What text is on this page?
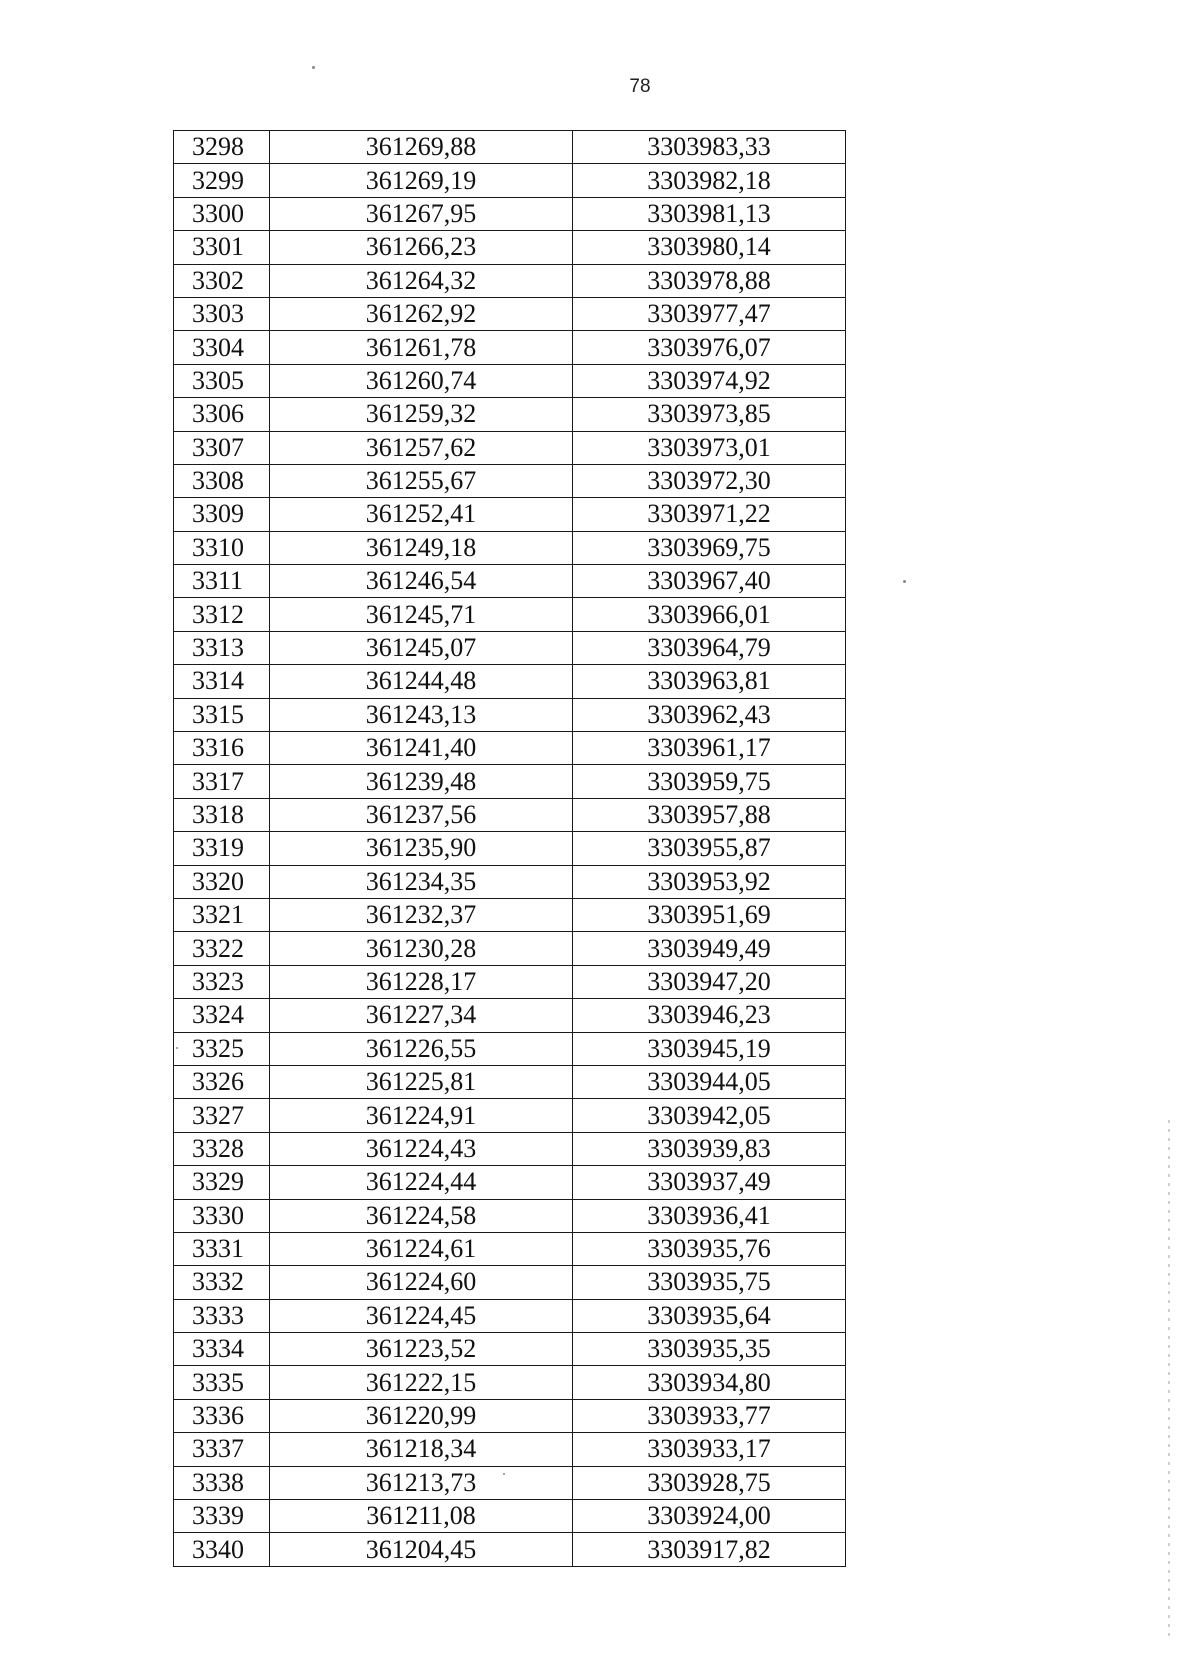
78
3298	361269,88	3303983,33
3299	361269,19	3303982,18
3300	361267,95	3303981,13
3301	361266,23	3303980,14
3302	361264,32	3303978,88
3303	361262,92	3303977,47
3304	361261,78	3303976,07
3305	361260,74	3303974,92
3306	361259,32	3303973,85
3307	361257,62	3303973,01
3308	361255,67	3303972,30
3309	361252,41	3303971,22
3310	361249,18	3303969,75
3311	361246,54	3303967,40
3312	361245,71	3303966,01
3313	361245,07	3303964,79
3314	361244,48	3303963,81
3315	361243,13	3303962,43
3316	361241,40	3303961,17
3317	361239,48	3303959,75
3318	361237,56	3303957,88
3319	361235,90	3303955,87
3320	361234,35	3303953,92
3321	361232,37	3303951,69
3322	361230,28	3303949,49
3323	361228,17	3303947,20
3324	361227,34	3303946,23
3325	361226,55	3303945,19
3326	361225,81	3303944,05
3327	361224,91	3303942,05
3328	361224,43	3303939,83
3329	361224,44	3303937,49
3330	361224,58	3303936,41
3331	361224,61	3303935,76
3332	361224,60	3303935,75
3333	361224,45	3303935,64
3334	361223,52	3303935,35
3335	361222,15	3303934,80
3336	361220,99	3303933,77
3337	361218,34	3303933,17
3338	361213,73	3303928,75
3339	361211,08	3303924,00
3340	361204,45	3303917,82
